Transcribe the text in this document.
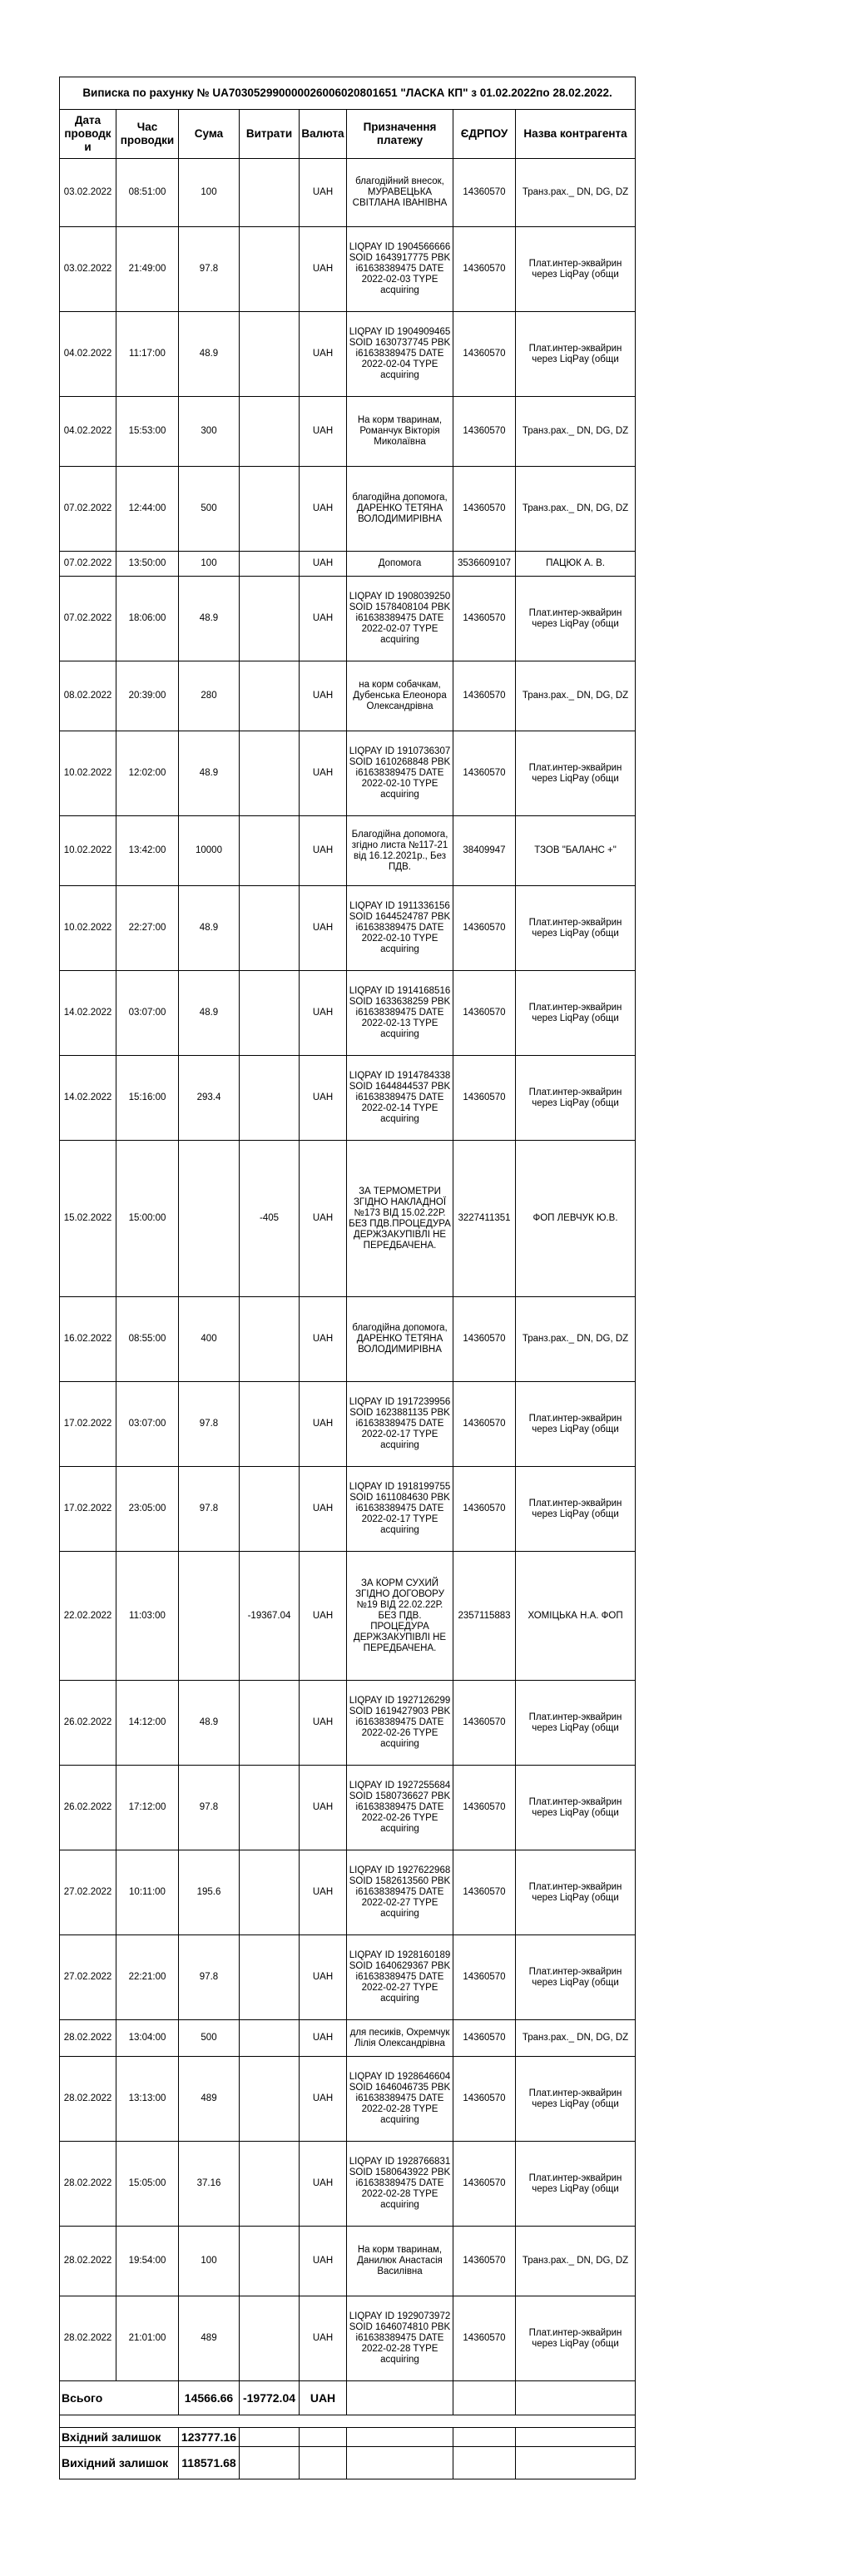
Виписка по рахунку № UA703052990000026006020801651 "ЛАСКА КП" з 01.02.2022по 28.02.2022.							
Дата проводки	Час проводки	Сума	Витрати	Валюта	Призначення платежу	ЄДРПОУ	Назва контрагента
03.02.2022	08:51:00	100		UAH	благодійний внесок, МУРАВЕЦЬКА СВІТЛАНА ІВАНІВНА	14360570	Транз.рах._ DN, DG, DZ
03.02.2022	21:49:00	97.8		UAH	LIQPAY ID 1904566666 SOID 1643917775 PBK i6163838947​5 DATE 2022-02-03 TYPE acquiring	14360570	Плат.интер-эквайрин через LiqPay (общи
04.02.2022	11:17:00	48.9		UAH	LIQPAY ID 1904909465 SOID 1630737745 PBK i6163838947​5 DATE 2022-02-04 TYPE acquiring	14360570	Плат.интер-эквайрин через LiqPay (общи
04.02.2022	15:53:00	300		UAH	На корм тваринам, Романчук Вікторія Миколаївна	14360570	Транз.рах._ DN, DG, DZ
07.02.2022	12:44:00	500		UAH	благодійна допомога, ДАРЕНКО ТЕТЯНА ВОЛОДИМИРІВНА	14360570	Транз.рах._ DN, DG, DZ
07.02.2022	13:50:00	100		UAH	Допомога	3536609107	ПАЦЮК А. В.
07.02.2022	18:06:00	48.9		UAH	LIQPAY ID 1908039250 SOID 1578408104 PBK i6163838947​5 DATE 2022-02-07 TYPE acquiring	14360570	Плат.интер-эквайрин через LiqPay (общи
08.02.2022	20:39:00	280		UAH	на корм собачкам, Дубенська Елеонора Олександрівна	14360570	Транз.рах._ DN, DG, DZ
10.02.2022	12:02:00	48.9		UAH	LIQPAY ID 1910736307 SOID 1610268848 PBK i6163838947​5 DATE 2022-02-10 TYPE acquiring	14360570	Плат.интер-эквайрин через LiqPay (общи
10.02.2022	13:42:00	10000		UAH	Благодійна допомога, згідно листа №117-21 від 16.12.2021р., Без ПДВ.	38409947	ТЗОВ "БАЛАНС +"
10.02.2022	22:27:00	48.9		UAH	LIQPAY ID 1911336156 SOID 1644524787 PBK i6163838947​5 DATE 2022-02-10 TYPE acquiring	14360570	Плат.интер-эквайрин через LiqPay (общи
14.02.2022	03:07:00	48.9		UAH	LIQPAY ID 1914168516 SOID 1633638259 PBK i6163838947​5 DATE 2022-02-13 TYPE acquiring	14360570	Плат.интер-эквайрин через LiqPay (общи
14.02.2022	15:16:00	293.4		UAH	LIQPAY ID 1914784338 SOID 1644844537 PBK i6163838947​5 DATE 2022-02-14 TYPE acquiring	14360570	Плат.интер-эквайрин через LiqPay (общи
15.02.2022	15:00:00		-405	UAH	ЗА ТЕРМОМЕТРИ ЗГІДНО НАКЛАДНОЇ №173 ВІД 15.02.22Р. БЕЗ ПДВ.ПРОЦЕДУРА ДЕРЖЗАКУПІВЛІ НЕ ПЕРЕДБАЧЕНА.	3227411351	ФОП ЛЕВЧУК Ю.В.
16.02.2022	08:55:00	400		UAH	благодійна допомога, ДАРЕНКО ТЕТЯНА ВОЛОДИМИРІВНА	14360570	Транз.рах._ DN, DG, DZ
17.02.2022	03:07:00	97.8		UAH	LIQPAY ID 1917239956 SOID 1623881135 PBK i6163838947​5 DATE 2022-02-17 TYPE acquiring	14360570	Плат.интер-эквайрин через LiqPay (общи
17.02.2022	23:05:00	97.8		UAH	LIQPAY ID 1918199755 SOID 1611084630 PBK i6163838947​5 DATE 2022-02-17 TYPE acquiring	14360570	Плат.интер-эквайрин через LiqPay (общи
22.02.2022	11:03:00		-19367.04	UAH	ЗА КОРМ СУХИЙ ЗГІДНО ДОГОВОРУ №19 ВІД 22.02.22Р. БЕЗ ПДВ. ПРОЦЕДУРА ДЕРЖЗАКУПІВЛІ НЕ ПЕРЕДБАЧЕНА.	2357115883	ХОМІЦЬКА Н.А. ФОП
26.02.2022	14:12:00	48.9		UAH	LIQPAY ID 1927126299 SOID 1619427903 PBK i6163838947​5 DATE 2022-02-26 TYPE acquiring	14360570	Плат.интер-эквайрин через LiqPay (общи
26.02.2022	17:12:00	97.8		UAH	LIQPAY ID 1927255684 SOID 1580736627 PBK i6163838947​5 DATE 2022-02-26 TYPE acquiring	14360570	Плат.интер-эквайрин через LiqPay (общи
27.02.2022	10:11:00	195.6		UAH	LIQPAY ID 1927622968 SOID 1582613560 PBK i6163838947​5 DATE 2022-02-27 TYPE acquiring	14360570	Плат.интер-эквайрин через LiqPay (общи
27.02.2022	22:21:00	97.8		UAH	LIQPAY ID 1928160189 SOID 1640629367 PBK i6163838947​5 DATE 2022-02-27 TYPE acquiring	14360570	Плат.интер-эквайрин через LiqPay (общи
28.02.2022	13:04:00	500		UAH	для песиків, Охремчук Лілія Олександрівна	14360570	Транз.рах._ DN, DG, DZ
28.02.2022	13:13:00	489		UAH	LIQPAY ID 1928646604 SOID 1646046735 PBK i6163838947​5 DATE 2022-02-28 TYPE acquiring	14360570	Плат.интер-эквайрин через LiqPay (общи
28.02.2022	15:05:00	37.16		UAH	LIQPAY ID 1928766831 SOID 1580643922 PBK i6163838947​5 DATE 2022-02-28 TYPE acquiring	14360570	Плат.интер-эквайрин через LiqPay (общи
28.02.2022	19:54:00	100		UAH	На корм тваринам, Данилюк Анастасія Василівна	14360570	Транз.рах._ DN, DG, DZ
28.02.2022	21:01:00	489		UAH	LIQPAY ID 1929073972 SOID 1646074810 PBK i6163838947​5 DATE 2022-02-28 TYPE acquiring	14360570	Плат.интер-эквайрин через LiqPay (общи
Всього		14566.66	-19772.04	UAH			

Вхідний залишок		123777.16					
Вихідний залишок		118571.68					
